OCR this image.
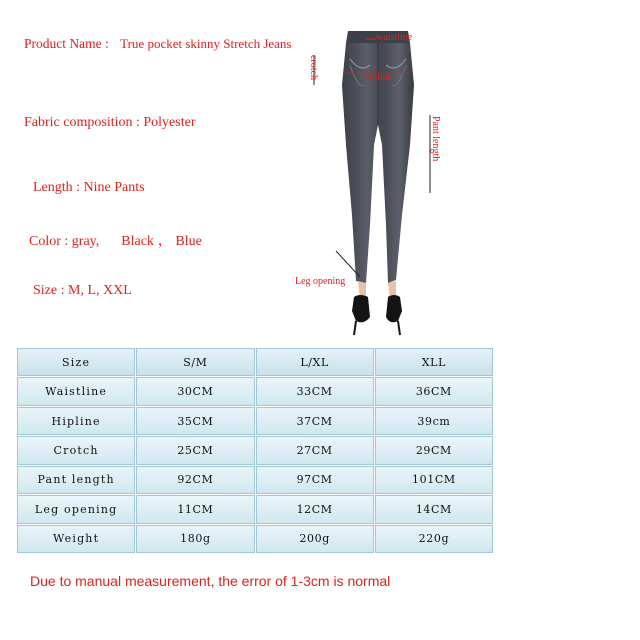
Product Name : True pocket skinny Stretch Jeans
Fabric composition : Polyester
Length : Nine Pants
Color : gray, Black ， Blue
Size : M, L, XXL
waistline
crotch	Hipline
Pant length
Leg opening
Size	S/M	L/XL	XLL
Waistline	30CM	33CM	36CM
Hipline	35CM	37CM	39cm
Crotch	25CM	27CM	29CM
Pant length	92CM	97CM	101CM
Leg opening	11CM	12CM	14CM
Weight	180g	200g	220g
Due to manual measurement, the error of 1-3cm is normal
